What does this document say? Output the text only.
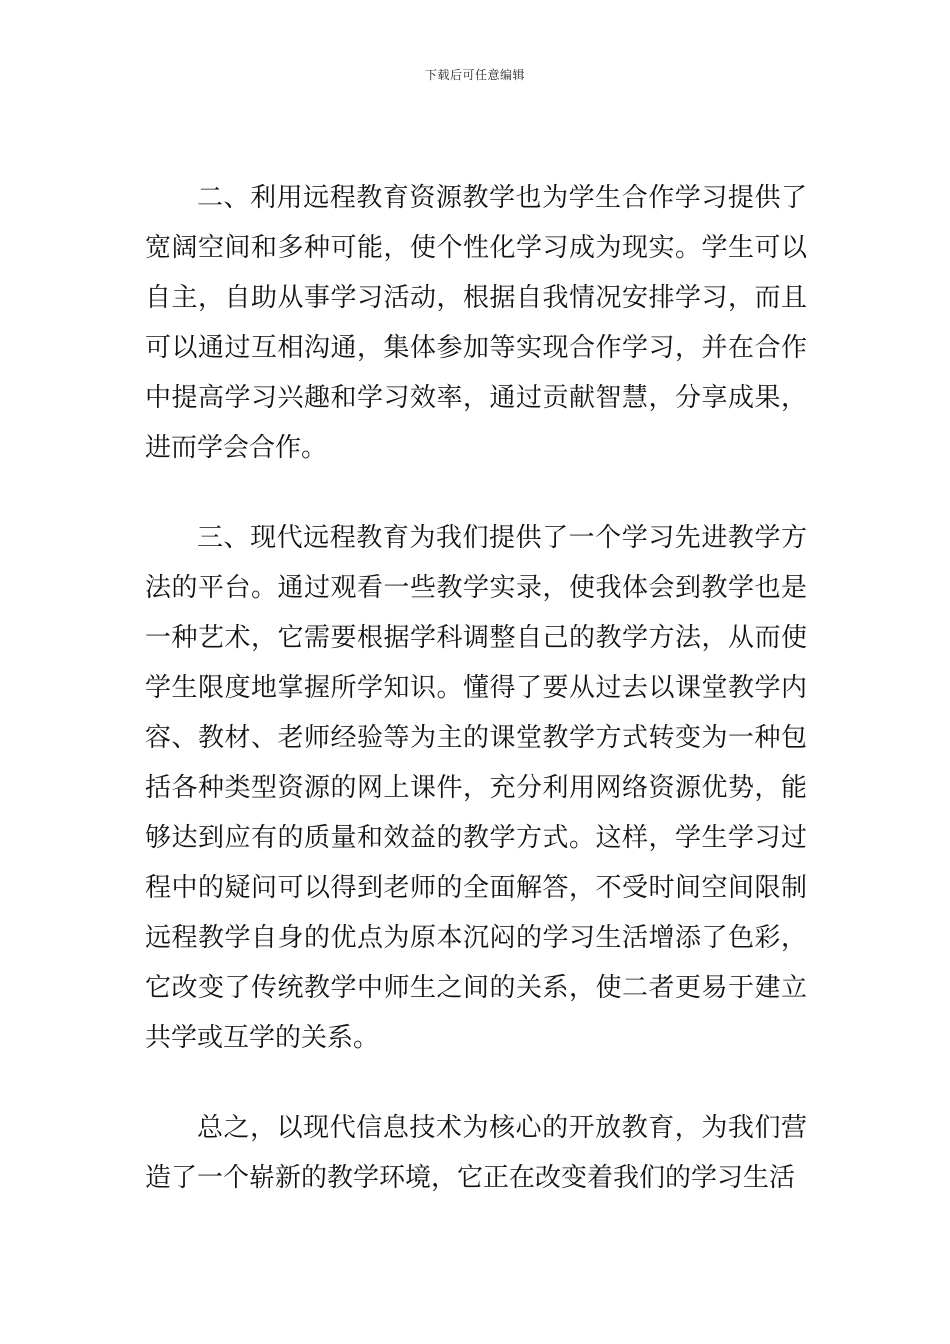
下载后可任意编辑

二、利用远程教育资源教学也为学生合作学习提供了宽阔空间和多种可能，使个性化学习成为现实。学生可以自主，自助从事学习活动，根据自我情况安排学习，而且可以通过互相沟通，集体参加等实现合作学习，并在合作中提高学习兴趣和学习效率，通过贡献智慧，分享成果，进而学会合作。

三、现代远程教育为我们提供了一个学习先进教学方法的平台。通过观看一些教学实录，使我体会到教学也是一种艺术，它需要根据学科调整自己的教学方法，从而使学生限度地掌握所学知识。懂得了要从过去以课堂教学内容、教材、老师经验等为主的课堂教学方式转变为一种包括各种类型资源的网上课件，充分利用网络资源优势，能够达到应有的质量和效益的教学方式。这样，学生学习过程中的疑问可以得到老师的全面解答，不受时间空间限制远程教学自身的优点为原本沉闷的学习生活增添了色彩，它改变了传统教学中师生之间的关系，使二者更易于建立共学或互学的关系。

总之，以现代信息技术为核心的开放教育，为我们营造了一个崭新的教学环境，它正在改变着我们的学习生活
